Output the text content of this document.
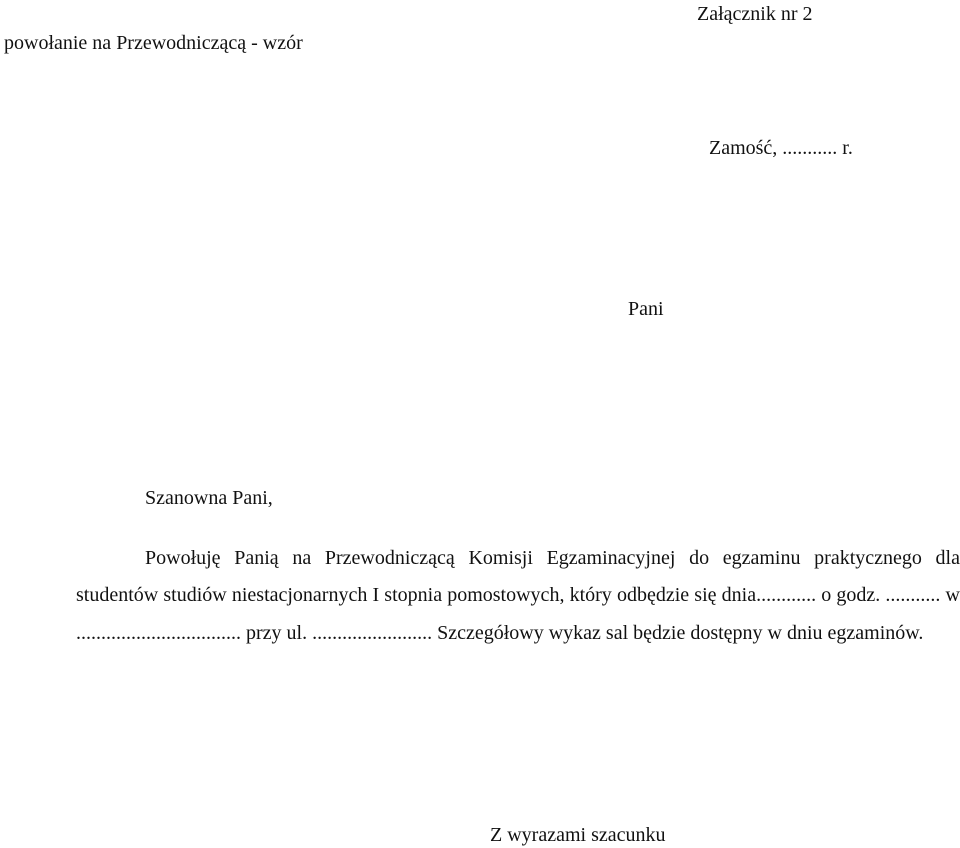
Załącznik nr 2
powołanie na Przewodniczącą - wzór
Zamość, ........... r.
Pani
Szanowna Pani,
Powołuję Panią na Przewodniczącą Komisji Egzaminacyjnej do egzaminu praktycznego dla studentów studiów niestacjonarnych I stopnia pomostowych, który odbędzie się dnia............ o godz. ........... w ................................. przy ul. ........................ Szczegółowy wykaz sal będzie dostępny w dniu egzaminów.
Z wyrazami szacunku
